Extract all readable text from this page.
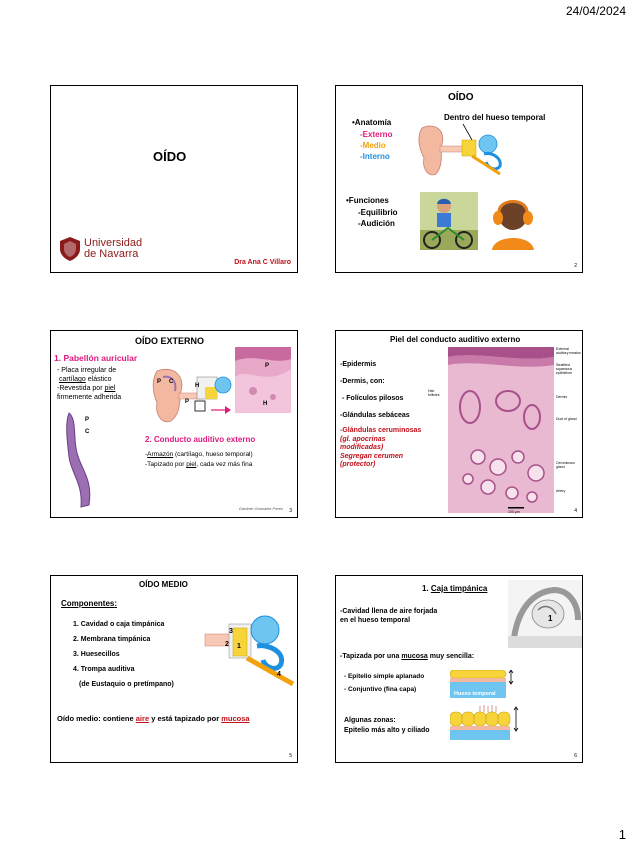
24/04/2024
OÍDO
Universidad
de Navarra
Dra Ana C Villaro
OÍDO
•Anatomía
-Externo
-Medio
-Interno
Dentro del hueso temporal
•Funciones
-Equilibrio
-Audición
2
OÍDO EXTERNO
1. Pabellón auricular
- Placa irregular de
cartílago elástico
-Revestida por piel
firmemente adherida
P
C
P C
H
P
P
H
2. Conducto auditivo externo
-Armazón (cartílago, hueso temporal)
-Tapizado por piel, cada vez más fina
Gardner Gonzalez Perez 3
Piel del conducto auditivo externo
-Epidermis
-Dermis, con:
- Folículos pilosos
-Glándulas sebáceas
-Glándulas ceruminosas
(gl. apocrinas
modificadas)
Segregan cerumen
(protector)
Hair follicles
External auditory meatus
Stratified squamous epithelium
Dermis
Duct of gland
Ceruminous gland
Artery
100 μm	4
OÍDO MEDIO
Componentes:
1. Cavidad o caja timpánica
2. Membrana timpánica
3. Huesecillos
4. Trompa auditiva
(de Eustaquio o pretímpano)
3
2 1
4
Oído medio: contiene aire y está tapizado por mucosa
5
1. Caja timpánica
1
-Cavidad llena de aire forjada
en el hueso temporal
-Tapizada por una mucosa muy sencilla:
- Epitelio simple aplanado
- Conjuntivo (fina capa)
Hueso temporal
Algunas zonas:
Epitelio más alto y ciliado
6
1
